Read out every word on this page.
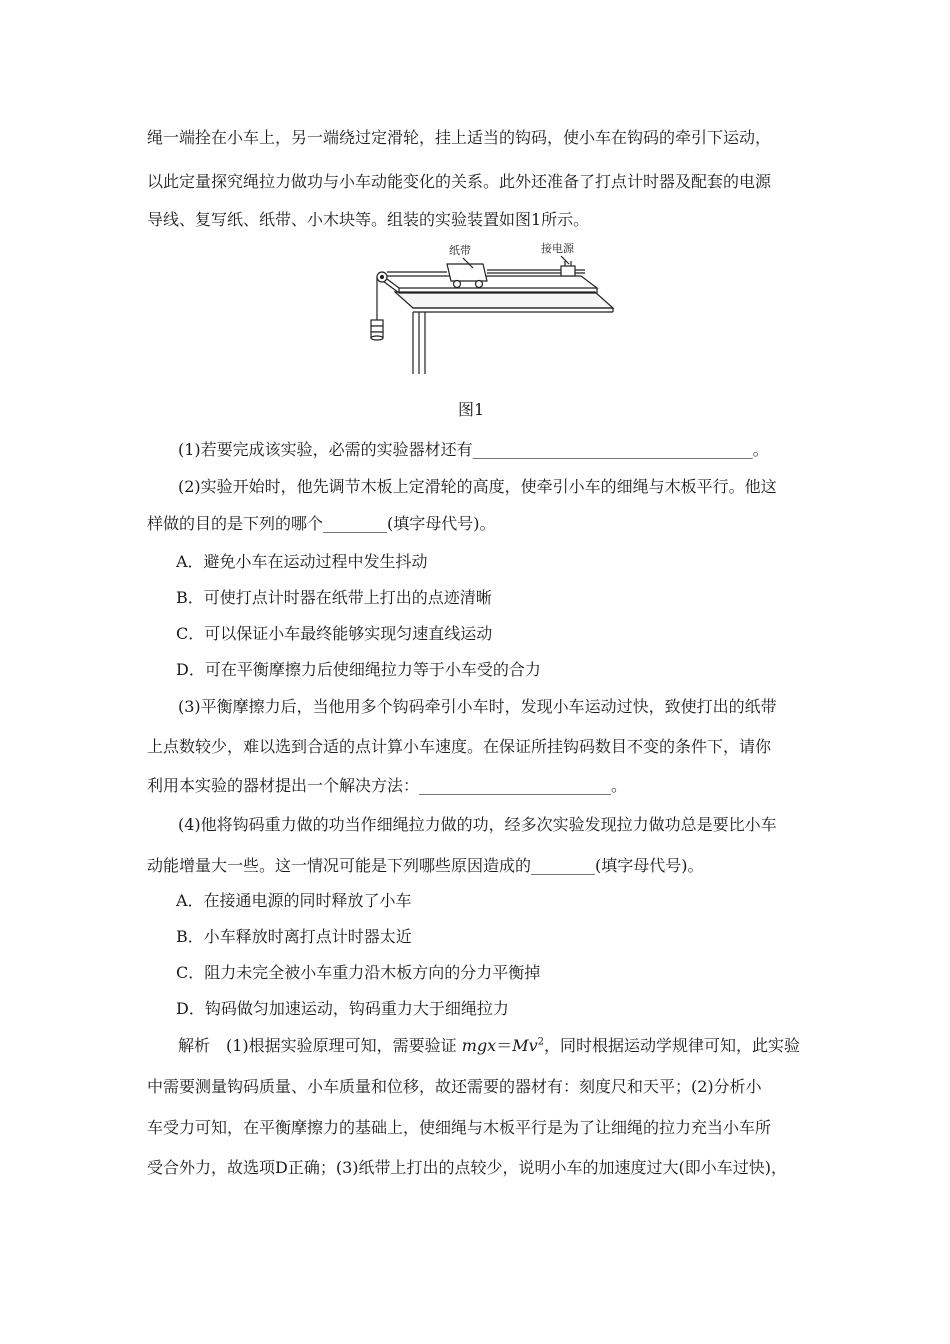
绳一端拴在小车上，另一端绕过定滑轮，挂上适当的钩码，使小车在钩码的牵引下运动，
以此定量探究绳拉力做功与小车动能变化的关系。此外还准备了打点计时器及配套的电源
导线、复写纸、纸带、小木块等。组装的实验装置如图1所示。
纸带	接电源
图1
(1)若要完成该实验，必需的实验器材还有___________________________________。
(2)实验开始时，他先调节木板上定滑轮的高度，使牵引小车的细绳与木板平行。他这
样做的目的是下列的哪个________(填字母代号)。
A．避免小车在运动过程中发生抖动
B．可使打点计时器在纸带上打出的点迹清晰
C．可以保证小车最终能够实现匀速直线运动
D．可在平衡摩擦力后使细绳拉力等于小车受的合力
(3)平衡摩擦力后，当他用多个钩码牵引小车时，发现小车运动过快，致使打出的纸带
上点数较少，难以选到合适的点计算小车速度。在保证所挂钩码数目不变的条件下，请你
利用本实验的器材提出一个解决方法：________________________。
(4)他将钩码重力做的功当作细绳拉力做的功，经多次实验发现拉力做功总是要比小车
动能增量大一些。这一情况可能是下列哪些原因造成的________(填字母代号)。
A．在接通电源的同时释放了小车
B．小车释放时离打点计时器太近
C．阻力未完全被小车重力沿木板方向的分力平衡掉
D．钩码做匀加速运动，钩码重力大于细绳拉力
解析　(1)根据实验原理可知，需要验证 $mgx=Mv^2$，同时根据运动学规律可知，此实验
中需要测量钩码质量、小车质量和位移，故还需要的器材有：刻度尺和天平；(2)分析小
车受力可知，在平衡摩擦力的基础上，使细绳与木板平行是为了让细绳的拉力充当小车所
受合外力，故选项D正确；(3)纸带上打出的点较少，说明小车的加速度过大(即小车过快)，
